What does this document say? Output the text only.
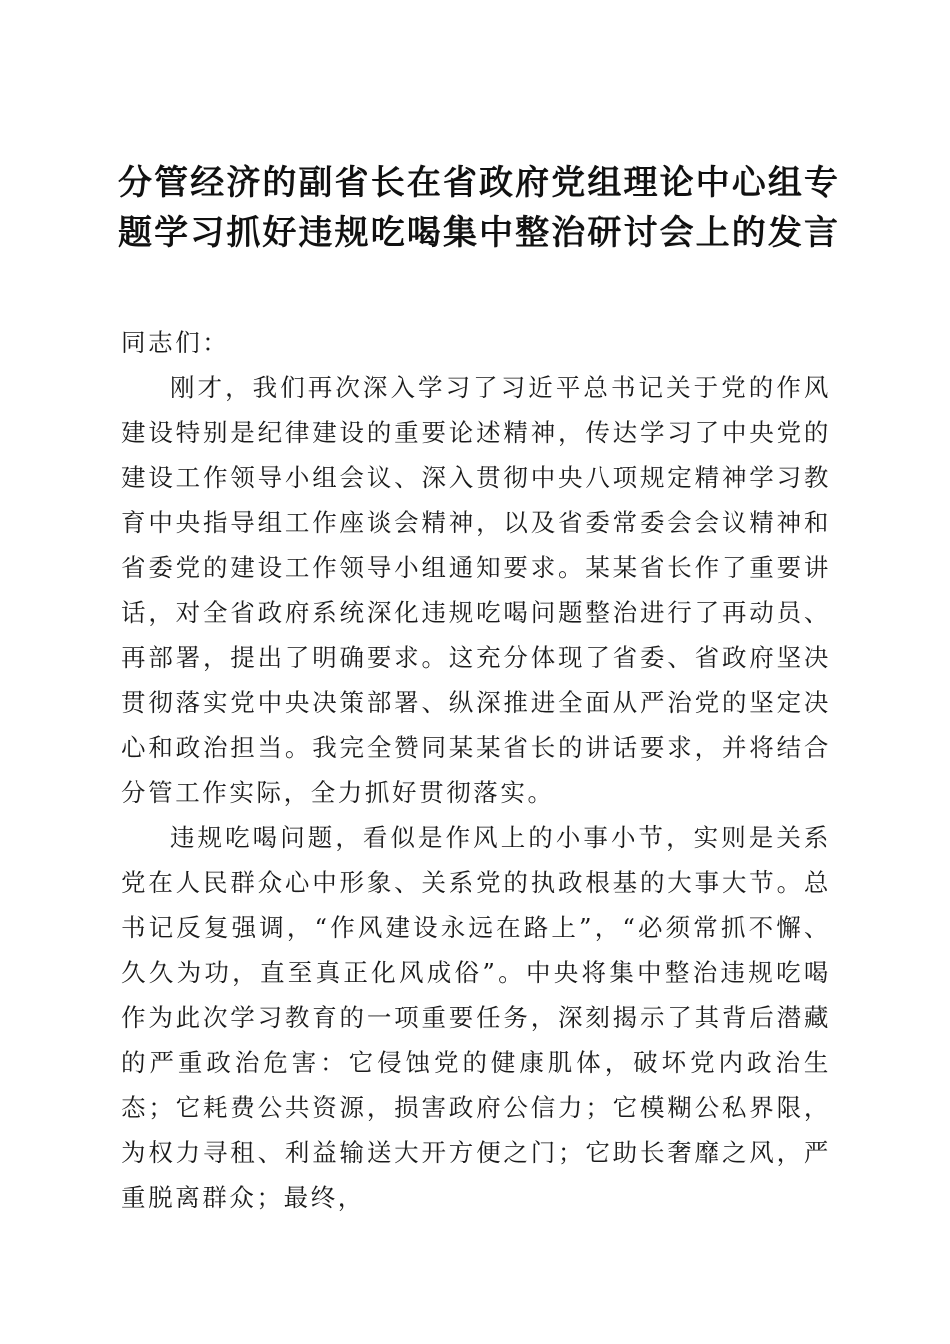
分管经济的副省长在省政府党组理论中心组专
题学习抓好违规吃喝集中整治研讨会上的发言

同志们：

刚才，我们再次深入学习了习近平总书记关于党的作风建设特别是纪律建设的重要论述精神，传达学习了中央党的建设工作领导小组会议、深入贯彻中央八项规定精神学习教育中央指导组工作座谈会精神，以及省委常委会会议精神和省委党的建设工作领导小组通知要求。某某省长作了重要讲话，对全省政府系统深化违规吃喝问题整治进行了再动员、再部署，提出了明确要求。这充分体现了省委、省政府坚决贯彻落实党中央决策部署、纵深推进全面从严治党的坚定决心和政治担当。我完全赞同某某省长的讲话要求，并将结合分管工作实际，全力抓好贯彻落实。

违规吃喝问题，看似是作风上的小事小节，实则是关系党在人民群众心中形象、关系党的执政根基的大事大节。总书记反复强调，“作风建设永远在路上”，“必须常抓不懈、久久为功，直至真正化风成俗”。中央将集中整治违规吃喝作为此次学习教育的一项重要任务，深刻揭示了其背后潜藏的严重政治危害：它侵蚀党的健康肌体，破坏党内政治生态；它耗费公共资源，损害政府公信力；它模糊公私界限，为权力寻租、利益输送大开方便之门；它助长奢靡之风，严重脱离群众；最终，
